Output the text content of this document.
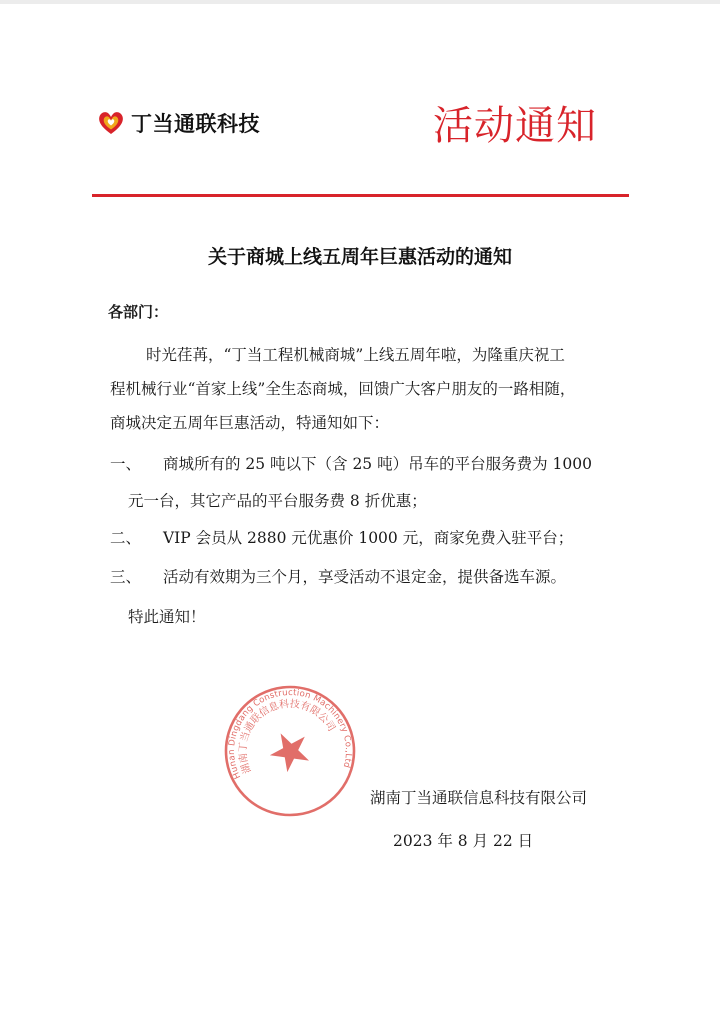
丁当通联科技	活动通知
关于商城上线五周年巨惠活动的通知
各部门：
时光荏苒，“丁当工程机械商城”上线五周年啦，为隆重庆祝工
程机械行业“首家上线”全生态商城，回馈广大客户朋友的一路相随，
商城决定五周年巨惠活动，特通知如下：
一、 商城所有的 25 吨以下（含 25 吨）吊车的平台服务费为 1000
元一台，其它产品的平台服务费 8 折优惠；
二、 VIP 会员从 2880 元优惠价 1000 元，商家免费入驻平台；
三、 活动有效期为三个月，享受活动不退定金，提供备选车源。
特此通知！
Hunan Dingdang Construction Machinery Co.,Ltd
湖南丁当通联信息科技有限公司
湖南丁当通联信息科技有限公司
2023 年 8 月 22 日
